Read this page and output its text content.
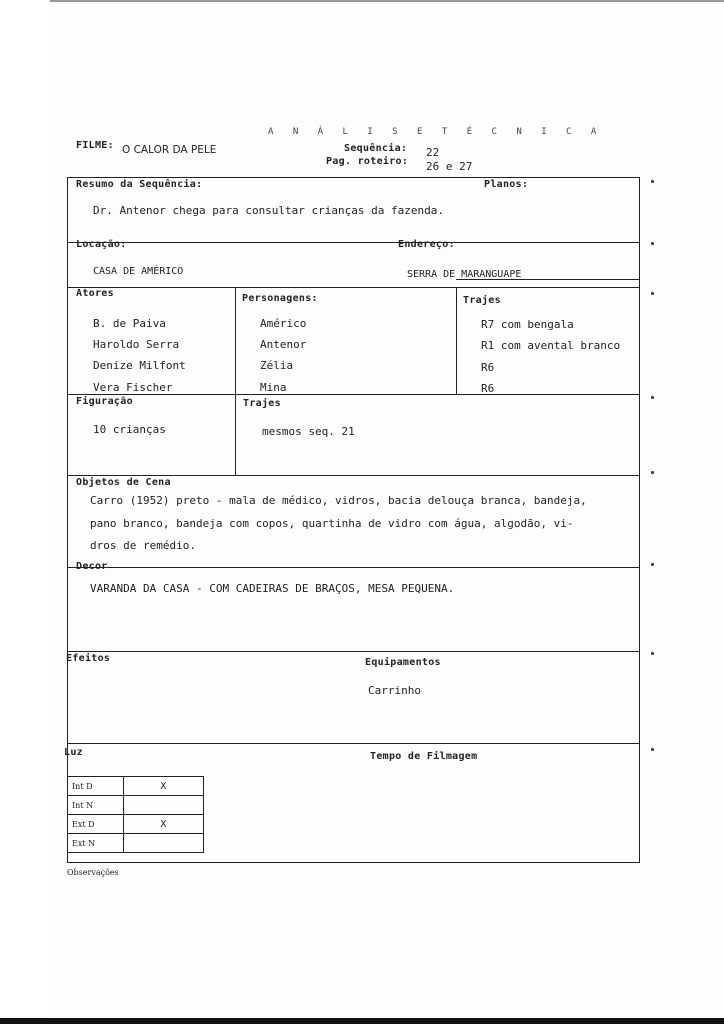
A N Á L I S E T É C N I C A
FILME: O CALOR DA PELE	Sequência: 22
Pag. roteiro: 26 e 27
Resumo da Sequência:	Planos:
Dr. Antenor chega para consultar crianças da fazenda.
Locação:	Endereço:
CASA DE AMÉRICO	SERRA DE MARANGUAPE
Atores	Personagens:	Trajes
B. de Paiva	Américo	R7 com bengala
Haroldo Serra	Antenor	R1 com avental branco
Denize Milfont	Zélia	R6
Vera Fischer	Mina	R6
Figuração	Trajes
10 crianças	mesmos seq. 21
Objetos de Cena
Carro (1952) preto - mala de médico, vidros, bacia delouça branca, bandeja,
pano branco, bandeja com copos, quartinha de vidro com água, algodão, vi-
dros de remédio.
Decor
VARANDA DA CASA - COM CADEIRAS DE BRAÇOS, MESA PEQUENA.
Efeitos	Equipamentos
Carrinho
Luz	Tempo de Filmagem
Int D	X
Int N	
Ext D	X
Ext N	
Observações
